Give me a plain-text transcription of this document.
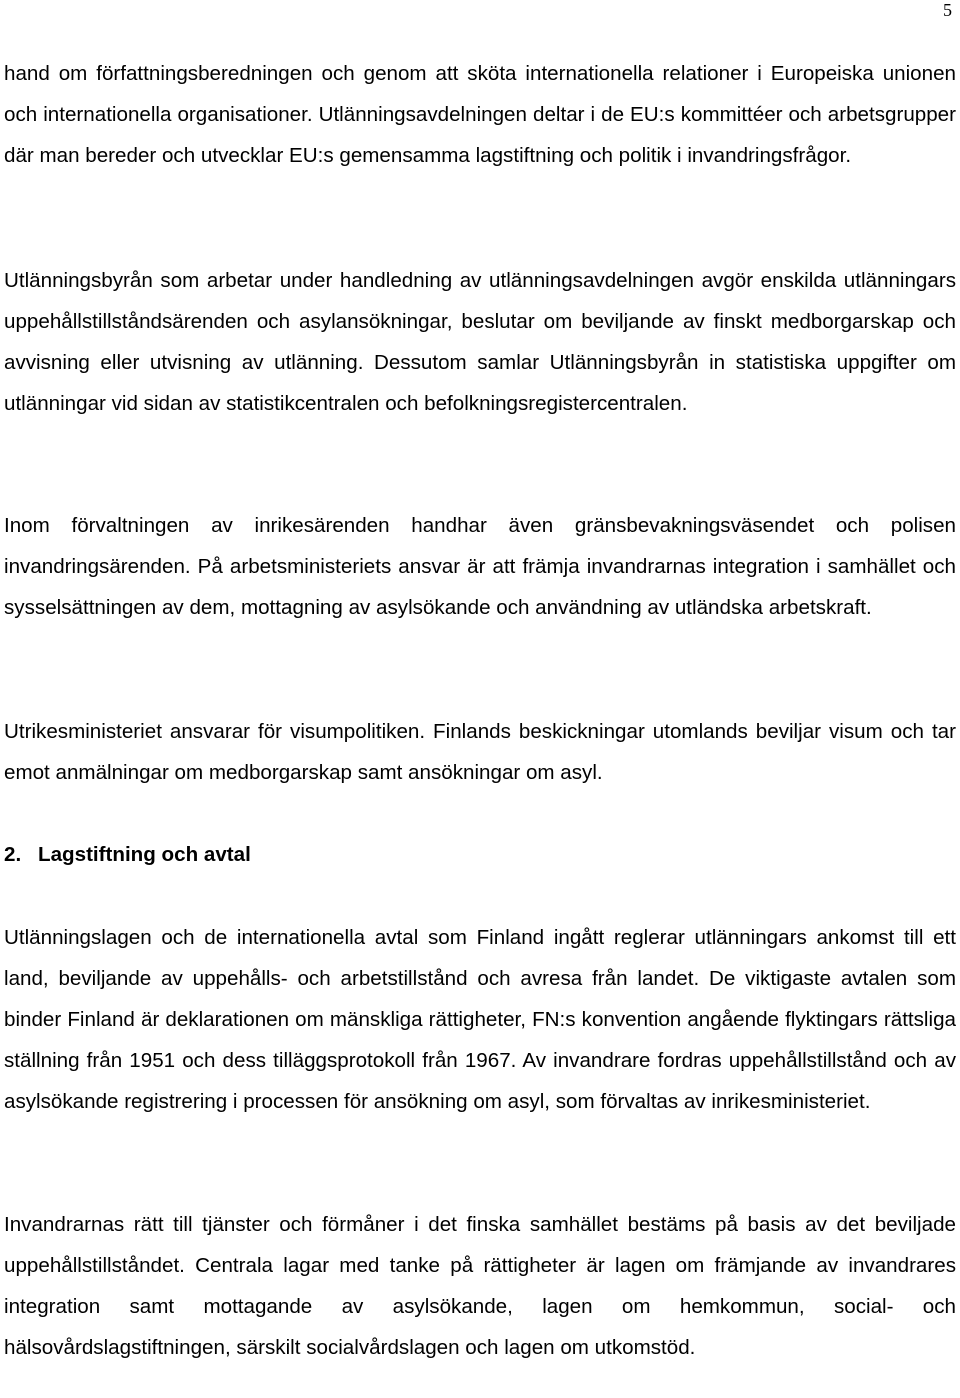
5

hand om författningsberedningen och genom att sköta internationella relationer i Europeiska unionen och internationella organisationer. Utlänningsavdelningen deltar i de EU:s kommittéer och arbetsgrupper där man bereder och utvecklar EU:s gemensamma lagstiftning och politik i invandringsfrågor.

Utlänningsbyrån som arbetar under handledning av utlänningsavdelningen avgör enskilda utlänningars uppehållstillståndsärenden och asylansökningar, beslutar om beviljande av finskt medborgarskap och avvisning eller utvisning av utlänning. Dessutom samlar Utlänningsbyrån in statistiska uppgifter om utlänningar vid sidan av statistikcentralen och befolkningsregistercentralen.

Inom förvaltningen av inrikesärenden handhar även gränsbevakningsväsendet och polisen invandringsärenden. På arbetsministeriets ansvar är att främja invandrarnas integration i samhället och sysselsättningen av dem, mottagning av asylsökande och användning av utländska arbetskraft.

Utrikesministeriet ansvarar för visumpolitiken. Finlands beskickningar utomlands beviljar visum och tar emot anmälningar om medborgarskap samt ansökningar om asyl.

2. Lagstiftning och avtal

Utlänningslagen och de internationella avtal som Finland ingått reglerar utlänningars ankomst till ett land, beviljande av uppehålls- och arbetstillstånd och avresa från landet. De viktigaste avtalen som binder Finland är deklarationen om mänskliga rättigheter, FN:s konvention angående flyktingars rättsliga ställning från 1951 och dess tilläggsprotokoll från 1967. Av invandrare fordras uppehållstillstånd och av asylsökande registrering i processen för ansökning om asyl, som förvaltas av inrikesministeriet.

Invandrarnas rätt till tjänster och förmåner i det finska samhället bestäms på basis av det beviljade uppehållstillståndet. Centrala lagar med tanke på rättigheter är lagen om främjande av invandrares integration samt mottagande av asylsökande, lagen om hemkommun, social- och hälsovårdslagstiftningen, särskilt socialvårdslagen och lagen om utkomstöd.
